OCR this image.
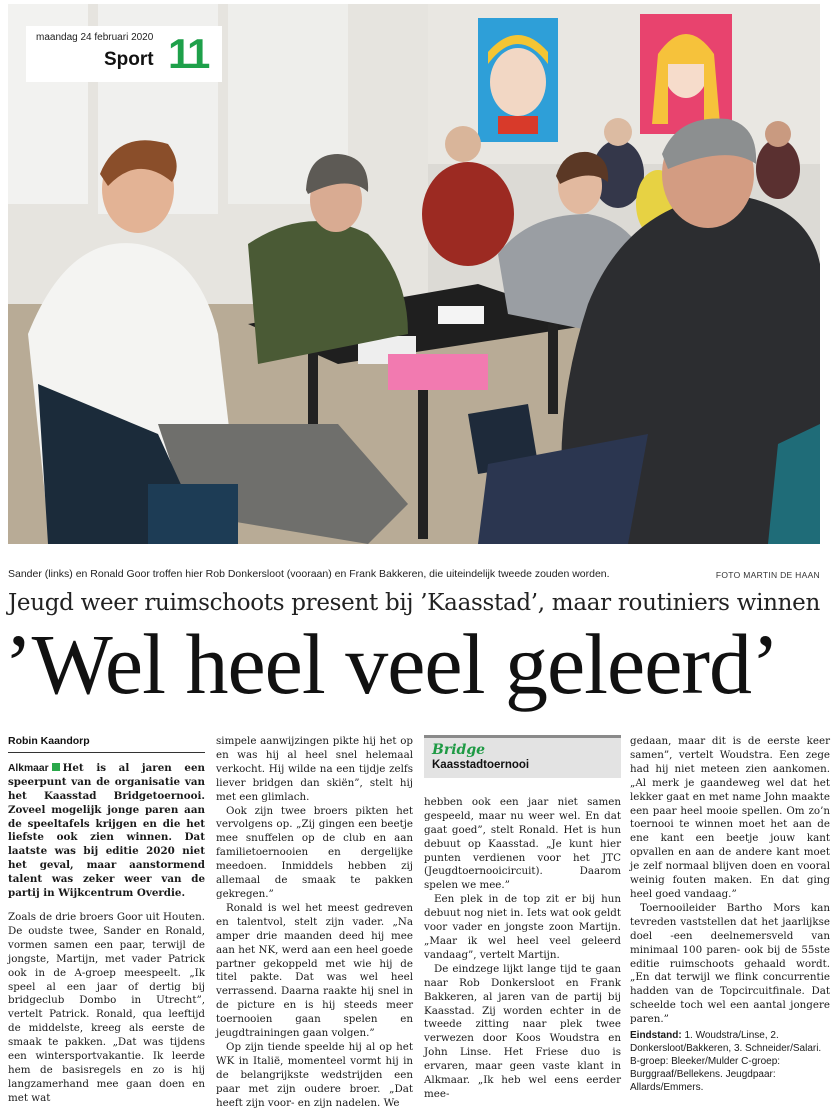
maandag 24 februari 2020
Sport 11
Sander (links) en Ronald Goor troffen hier Rob Donkersloot (vooraan) en Frank Bakkeren, die uiteindelijk tweede zouden worden.	FOTO MARTIN DE HAAN
Jeugd weer ruimschoots present bij ’Kaasstad’, maar routiniers winnen
’Wel heel veel geleerd’
Robin Kaandorp

Alkmaar Het is al jaren een speerpunt van de organisatie van het Kaasstad Bridgetoernooi. Zoveel mogelijk jonge paren aan de speeltafels krijgen en die het liefste ook zien winnen. Dat laatste was bij editie 2020 niet het geval, maar aanstormend talent was zeker weer van de partij in Wijkcentrum Overdie.

Zoals de drie broers Goor uit Houten. De oudste twee, Sander en Ronald, vormen samen een paar, terwijl de jongste, Martijn, met vader Patrick ook in de A-groep meespeelt. „Ik speel al een jaar of dertig bij bridgeclub Dombo in Utrecht”, vertelt Patrick. Ronald, qua leeftijd de middelste, kreeg als eerste de smaak te pakken. „Dat was tijdens een wintersportvakantie. Ik leerde hem de basisregels en zo is hij langzamerhand mee gaan doen en met wat

simpele aanwijzingen pikte hij het op en was hij al heel snel helemaal verkocht. Hij wilde na een tijdje zelfs liever bridgen dan skiën”, stelt hij met een glimlach.

Ook zijn twee broers pikten het vervolgens op. „Zij gingen een beetje mee snuffelen op de club en aan familietoernooien en dergelijke meedoen. Inmiddels hebben zij allemaal de smaak te pakken gekregen.”

Ronald is wel het meest gedreven en talentvol, stelt zijn vader. „Na amper drie maanden deed hij mee aan het NK, werd aan een heel goede partner gekoppeld met wie hij de titel pakte. Dat was wel heel verrassend. Daarna raakte hij snel in de picture en is hij steeds meer toernooien gaan spelen en jeugdtrainingen gaan volgen.”

Op zijn tiende speelde hij al op het WK in Italië, momenteel vormt hij in de belangrijkste wedstrijden een paar met zijn oudere broer. „Dat heeft zijn voor- en zijn nadelen. We

Bridge
Kaasstadtoernooi

hebben ook een jaar niet samen gespeeld, maar nu weer wel. En dat gaat goed”, stelt Ronald. Het is hun debuut op Kaasstad. „Je kunt hier punten verdienen voor het JTC (Jeugdtoernooicircuit). Daarom spelen we mee.”

Een plek in de top zit er bij hun debuut nog niet in. Iets wat ook geldt voor vader en jongste zoon Martijn. „Maar ik wel heel veel geleerd vandaag”, vertelt Martijn.

De eindzege lijkt lange tijd te gaan naar Rob Donkersloot en Frank Bakkeren, al jaren van de partij bij Kaasstad. Zij worden echter in de tweede zitting naar plek twee verwezen door Koos Woudstra en John Linse. Het Friese duo is ervaren, maar geen vaste klant in Alkmaar. „Ik heb wel eens eerder mee-

gedaan, maar dit is de eerste keer samen”, vertelt Woudstra. Een zege had hij niet meteen zien aankomen. „Al merk je gaandeweg wel dat het lekker gaat en met name John maakte een paar heel mooie spellen. Om zo’n toernooi te winnen moet het aan de ene kant een beetje jouw kant opvallen en aan de andere kant moet je zelf normaal blijven doen en vooral weinig fouten maken. En dat ging heel goed vandaag.”

Toernooileider Bartho Mors kan tevreden vaststellen dat het jaarlijkse doel -een deelnemersveld van minimaal 100 paren- ook bij de 55ste editie ruimschoots gehaald wordt. „En dat terwijl we flink concurrentie hadden van de Topcircuitfinale. Dat scheelde toch wel een aantal jongere paren.”

Eindstand: 1. Woudstra/Linse, 2. Donkersloot/Bakkeren, 3. Schneider/Salari. B-groep: Bleeker/Mulder C-groep: Burggraaf/Bellekens. Jeugdpaar: Allards/Emmers.
